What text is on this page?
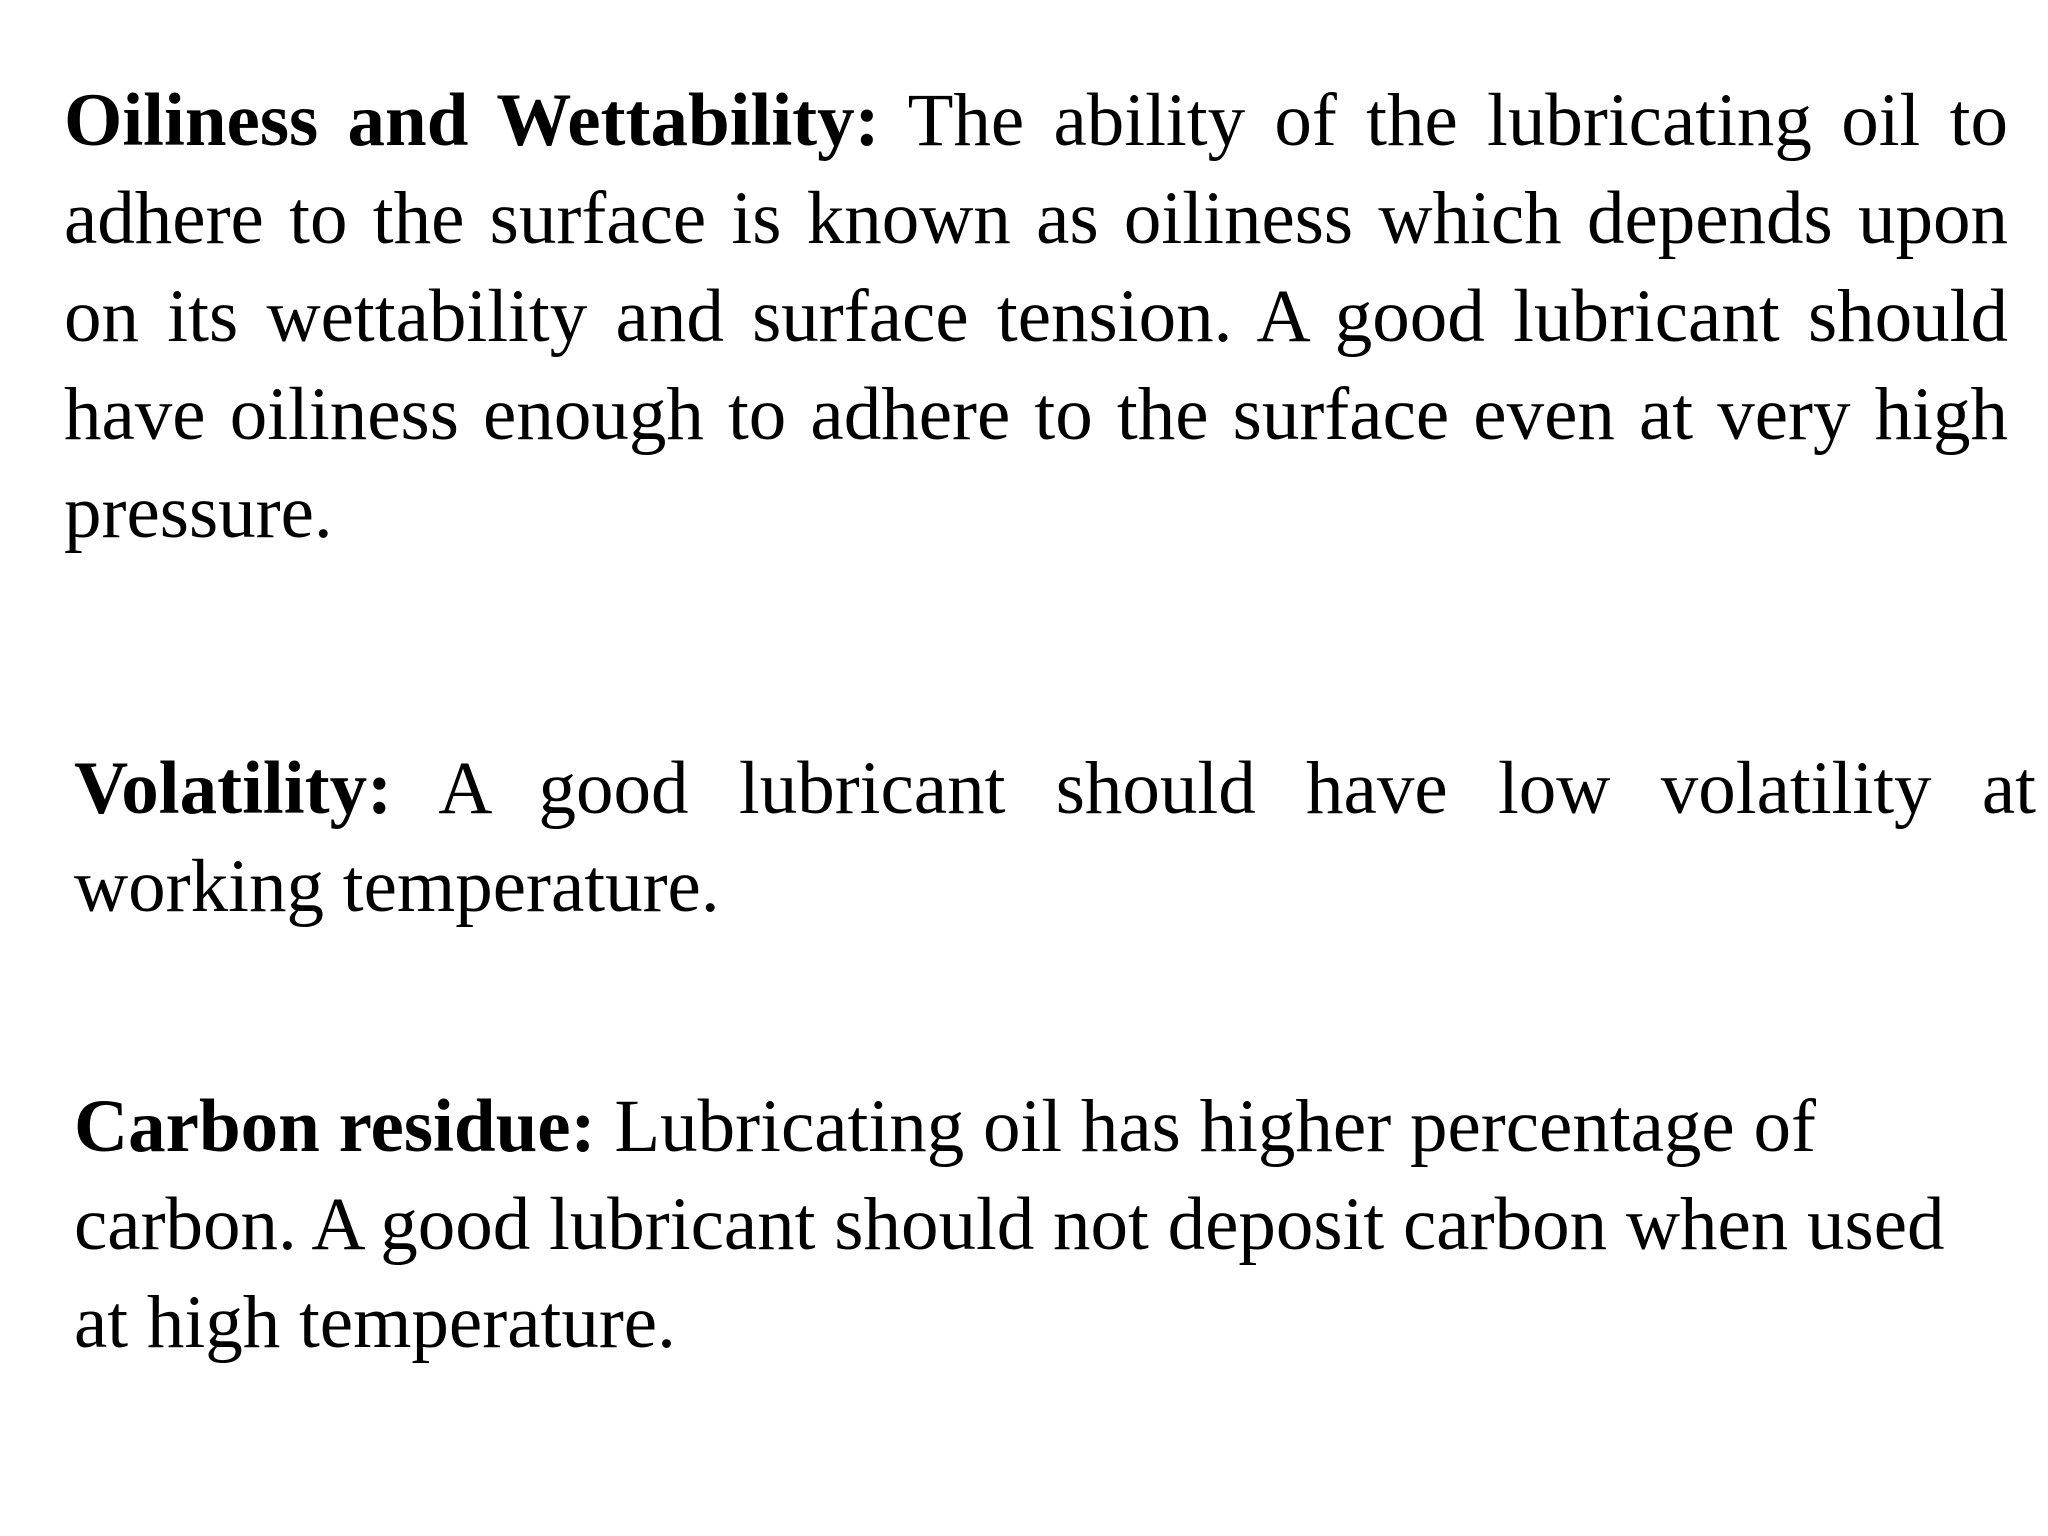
Oiliness and Wettability: The ability of the lubricating oil to adhere to the surface is known as oiliness which depends upon on its wettability and surface tension. A good lubricant should have oiliness enough to adhere to the surface even at very high pressure.

Volatility: A good lubricant should have low volatility at working temperature.

Carbon residue: Lubricating oil has higher percentage of carbon. A good lubricant should not deposit carbon when used at high temperature.
